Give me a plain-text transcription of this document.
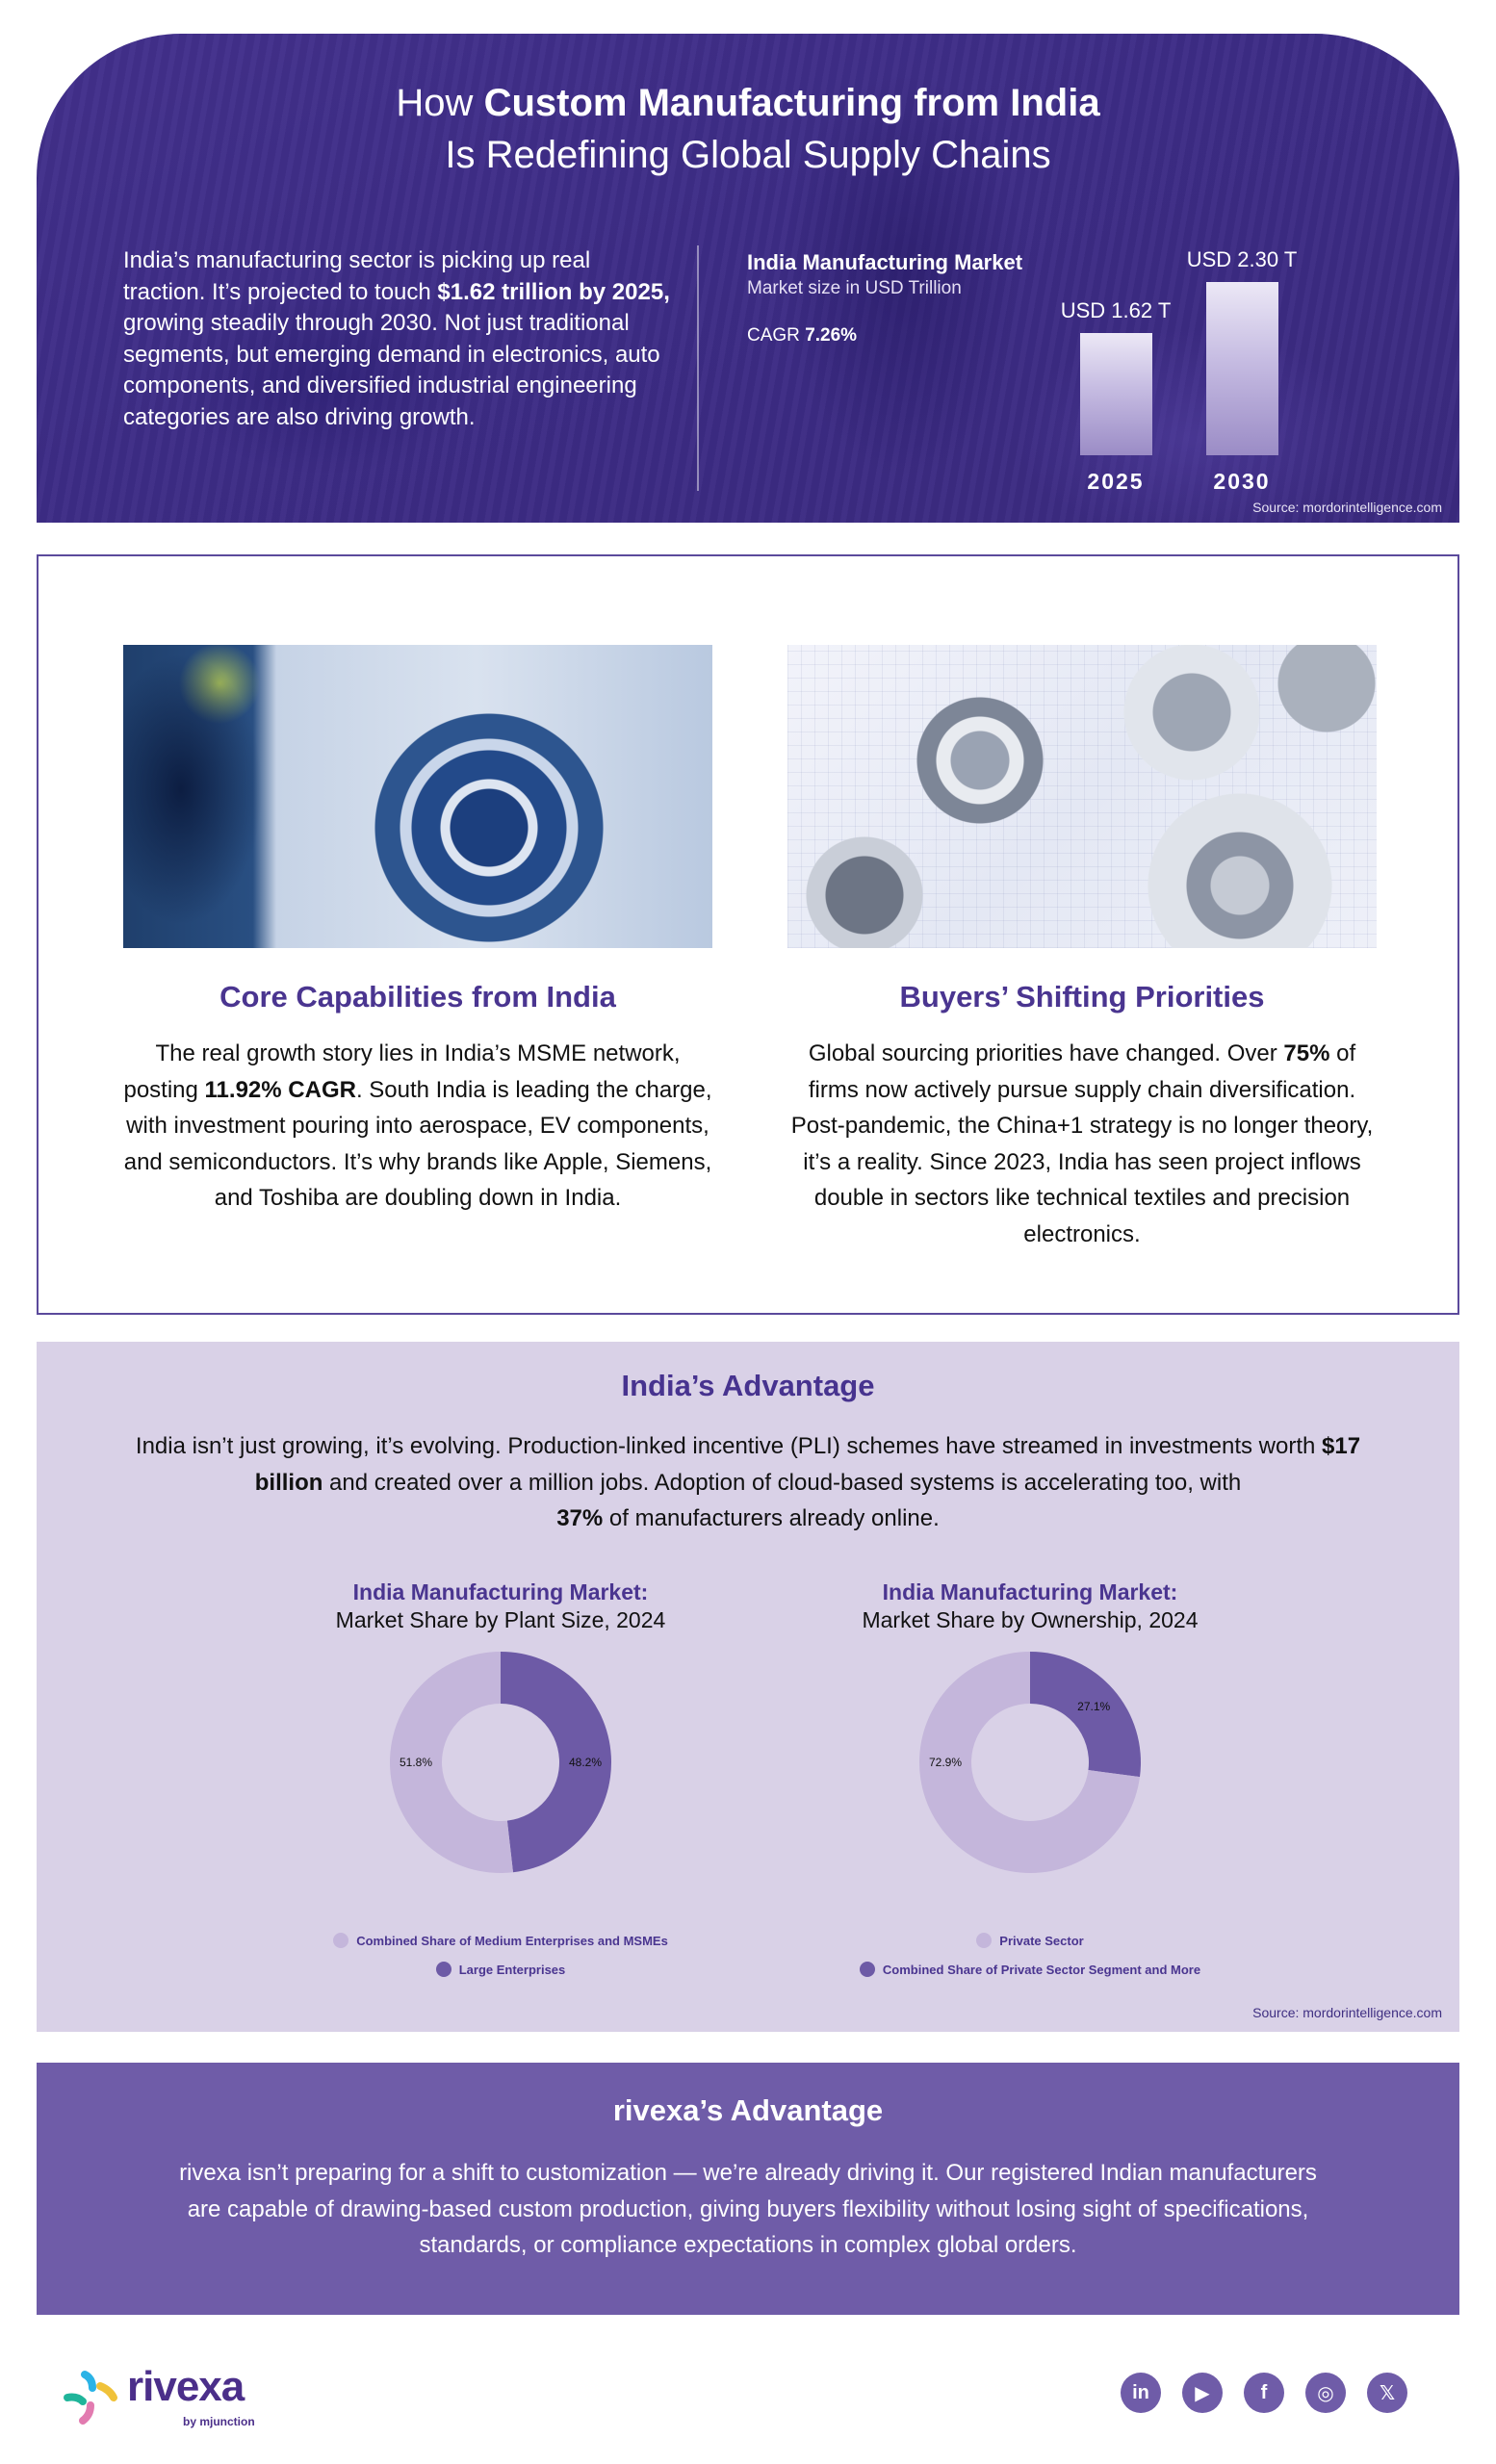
How Custom Manufacturing from India
Is Redefining Global Supply Chains

India’s manufacturing sector is picking up real traction. It’s projected to touch $1.62 trillion by 2025, growing steadily through 2030. Not just traditional segments, but emerging demand in electronics, auto components, and diversified industrial engineering categories are also driving growth.

India Manufacturing Market
Market size in USD Trillion
CAGR 7.26%
USD 1.62 T
2025
USD 2.30 T
2030
Source: mordorintelligence.com
Core Capabilities from India

The real growth story lies in India’s MSME network, posting 11.92% CAGR. South India is leading the charge, with investment pouring into aerospace, EV components, and semiconductors. It’s why brands like Apple, Siemens, and Toshiba are doubling down in India.

Buyers’ Shifting Priorities

Global sourcing priorities have changed. Over 75% of firms now actively pursue supply chain diversification. Post-pandemic, the China+1 strategy is no longer theory, it’s a reality. Since 2023, India has seen project inflows double in sectors like technical textiles and precision electronics.

India’s Advantage

India isn’t just growing, it’s evolving. Production-linked incentive (PLI) schemes have streamed in investments worth $17 billion and created over a million jobs. Adoption of cloud-based systems is accelerating too, with
37% of manufacturers already online.

India Manufacturing Market:
Market Share by Plant Size, 2024
48.2%
51.8%
Combined Share of Medium Enterprises and MSMEs
Large Enterprises
India Manufacturing Market:
Market Share by Ownership, 2024
27.1%
72.9%
Private Sector
Combined Share of Private Sector Segment and More
Source: mordorintelligence.com
rivexa’s Advantage

rivexa isn’t preparing for a shift to customization — we’re already driving it. Our registered Indian manufacturers are capable of drawing-based custom production, giving buyers flexibility without losing sight of specifications, standards, or compliance expectations in complex global orders.

rivexa
by mjunction
in	▶	f	◎	𝕏
